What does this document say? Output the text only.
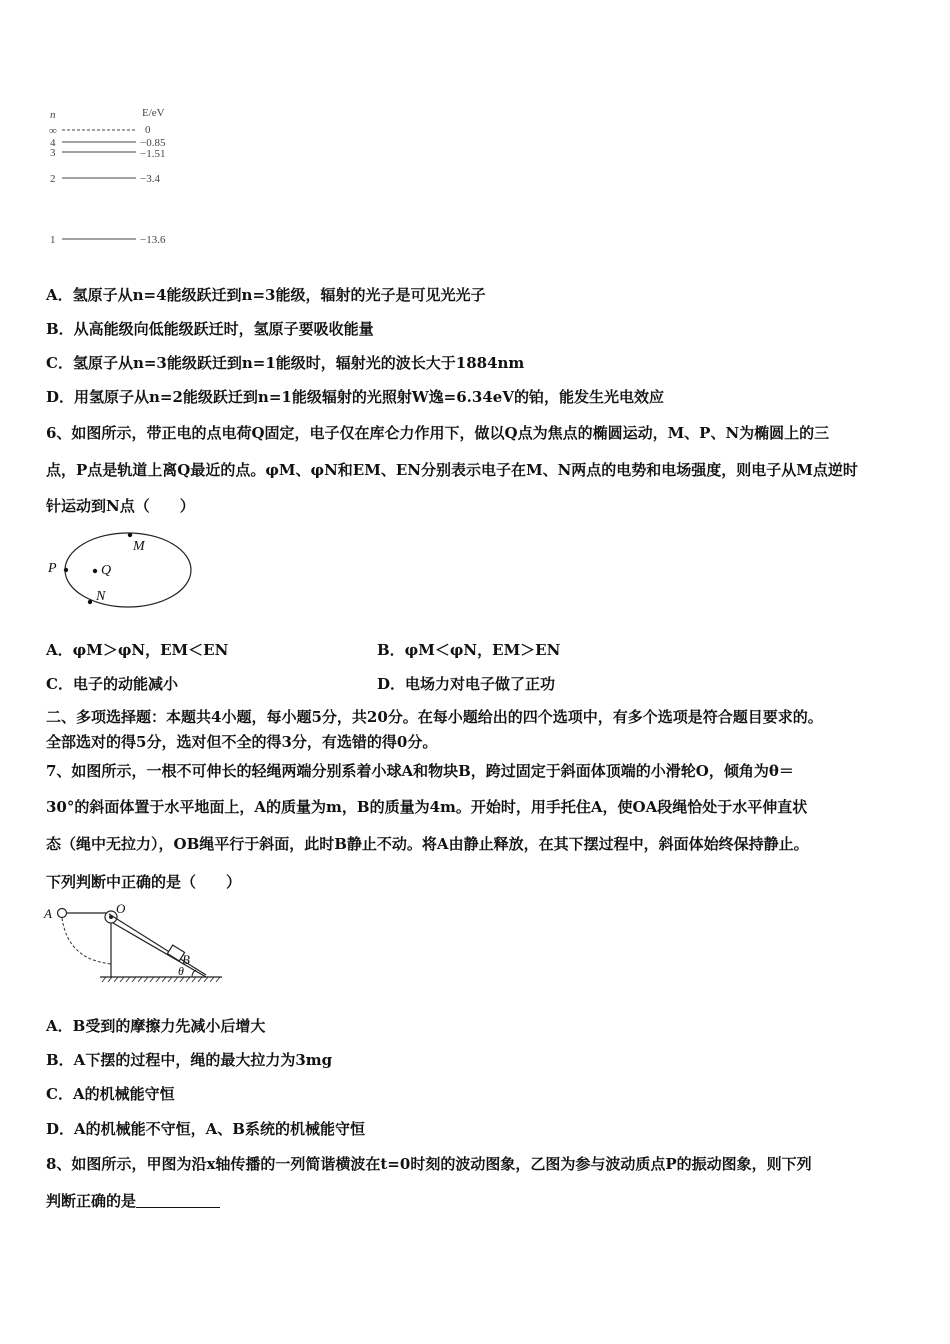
n	E/eV
∞	0
4	−0.85
3	−1.51
2	−3.4
1	−13.6
A．氢原子从n=4能级跃迁到n=3能级，辐射的光子是可见光光子
B．从高能级向低能级跃迁时，氢原子要吸收能量
C．氢原子从n=3能级跃迁到n=1能级时，辐射光的波长大于1884nm
D．用氢原子从n=2能级跃迁到n=1能级辐射的光照射W逸=6.34eV的铂，能发生光电效应
6、如图所示，带正电的点电荷Q固定，电子仅在库仑力作用下，做以Q点为焦点的椭圆运动，M、P、N为椭圆上的三
点，P点是轨道上离Q最近的点。φM、φN和EM、EN分别表示电子在M、N两点的电势和电场强度，则电子从M点逆时
针运动到N点（　　）
P	Q
M
N
A．φM＞φN，EM＜EN	B．φM＜φN，EM＞EN
C．电子的动能减小	D．电场力对电子做了正功
二、多项选择题：本题共4小题，每小题5分，共20分。在每小题给出的四个选项中，有多个选项是符合题目要求的。
全部选对的得5分，选对但不全的得3分，有选错的得0分。
7、如图所示，一根不可伸长的轻绳两端分别系着小球A和物块B，跨过固定于斜面体顶端的小滑轮O，倾角为θ＝
30°的斜面体置于水平地面上，A的质量为m，B的质量为4m。开始时，用手托住A，使OA段绳恰处于水平伸直状
态（绳中无拉力），OB绳平行于斜面，此时B静止不动。将A由静止释放，在其下摆过程中，斜面体始终保持静止。
下列判断中正确的是（　　）
A	O
B
θ
A．B受到的摩擦力先减小后增大
B．A下摆的过程中，绳的最大拉力为3mg
C．A的机械能守恒
D．A的机械能不守恒，A、B系统的机械能守恒
8、如图所示，甲图为沿x轴传播的一列简谐横波在t=0时刻的波动图象，乙图为参与波动质点P的振动图象，则下列
判断正确的是
